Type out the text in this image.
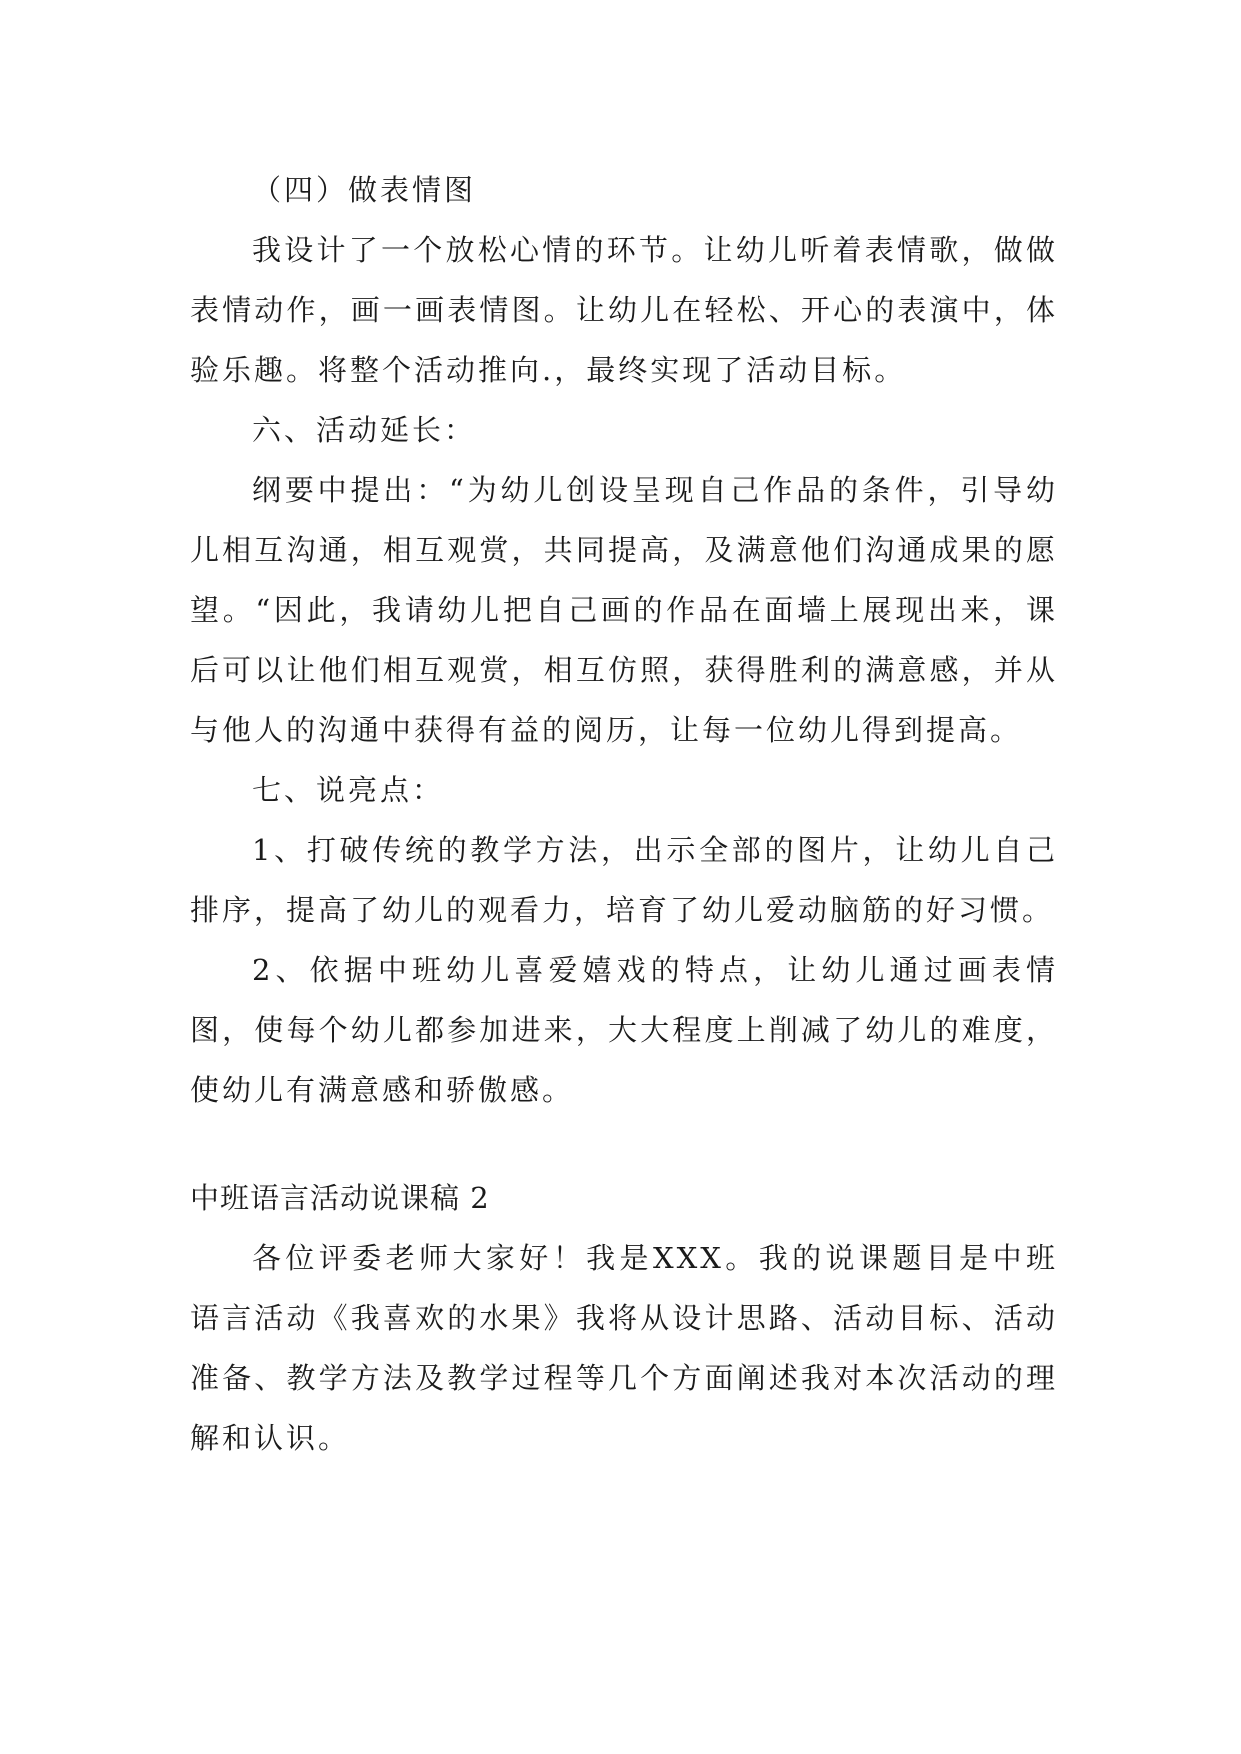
（四）做表情图

我设计了一个放松心情的环节。让幼儿听着表情歌，做做表情动作，画一画表情图。让幼儿在轻松、开心的表演中，体验乐趣。将整个活动推向.，最终实现了活动目标。

六、活动延长：

纲要中提出：“为幼儿创设呈现自己作品的条件，引导幼儿相互沟通，相互观赏，共同提高，及满意他们沟通成果的愿望。“因此，我请幼儿把自己画的作品在面墙上展现出来，课后可以让他们相互观赏，相互仿照，获得胜利的满意感，并从与他人的沟通中获得有益的阅历，让每一位幼儿得到提高。

七、说亮点：

1、打破传统的教学方法，出示全部的图片，让幼儿自己排序，提高了幼儿的观看力，培育了幼儿爱动脑筋的好习惯。

2、依据中班幼儿喜爱嬉戏的特点，让幼儿通过画表情图，使每个幼儿都参加进来，大大程度上削减了幼儿的难度，使幼儿有满意感和骄傲感。

中班语言活动说课稿 2

各位评委老师大家好！我是XXX。我的说课题目是中班语言活动《我喜欢的水果》我将从设计思路、活动目标、活动准备、教学方法及教学过程等几个方面阐述我对本次活动的理解和认识。
